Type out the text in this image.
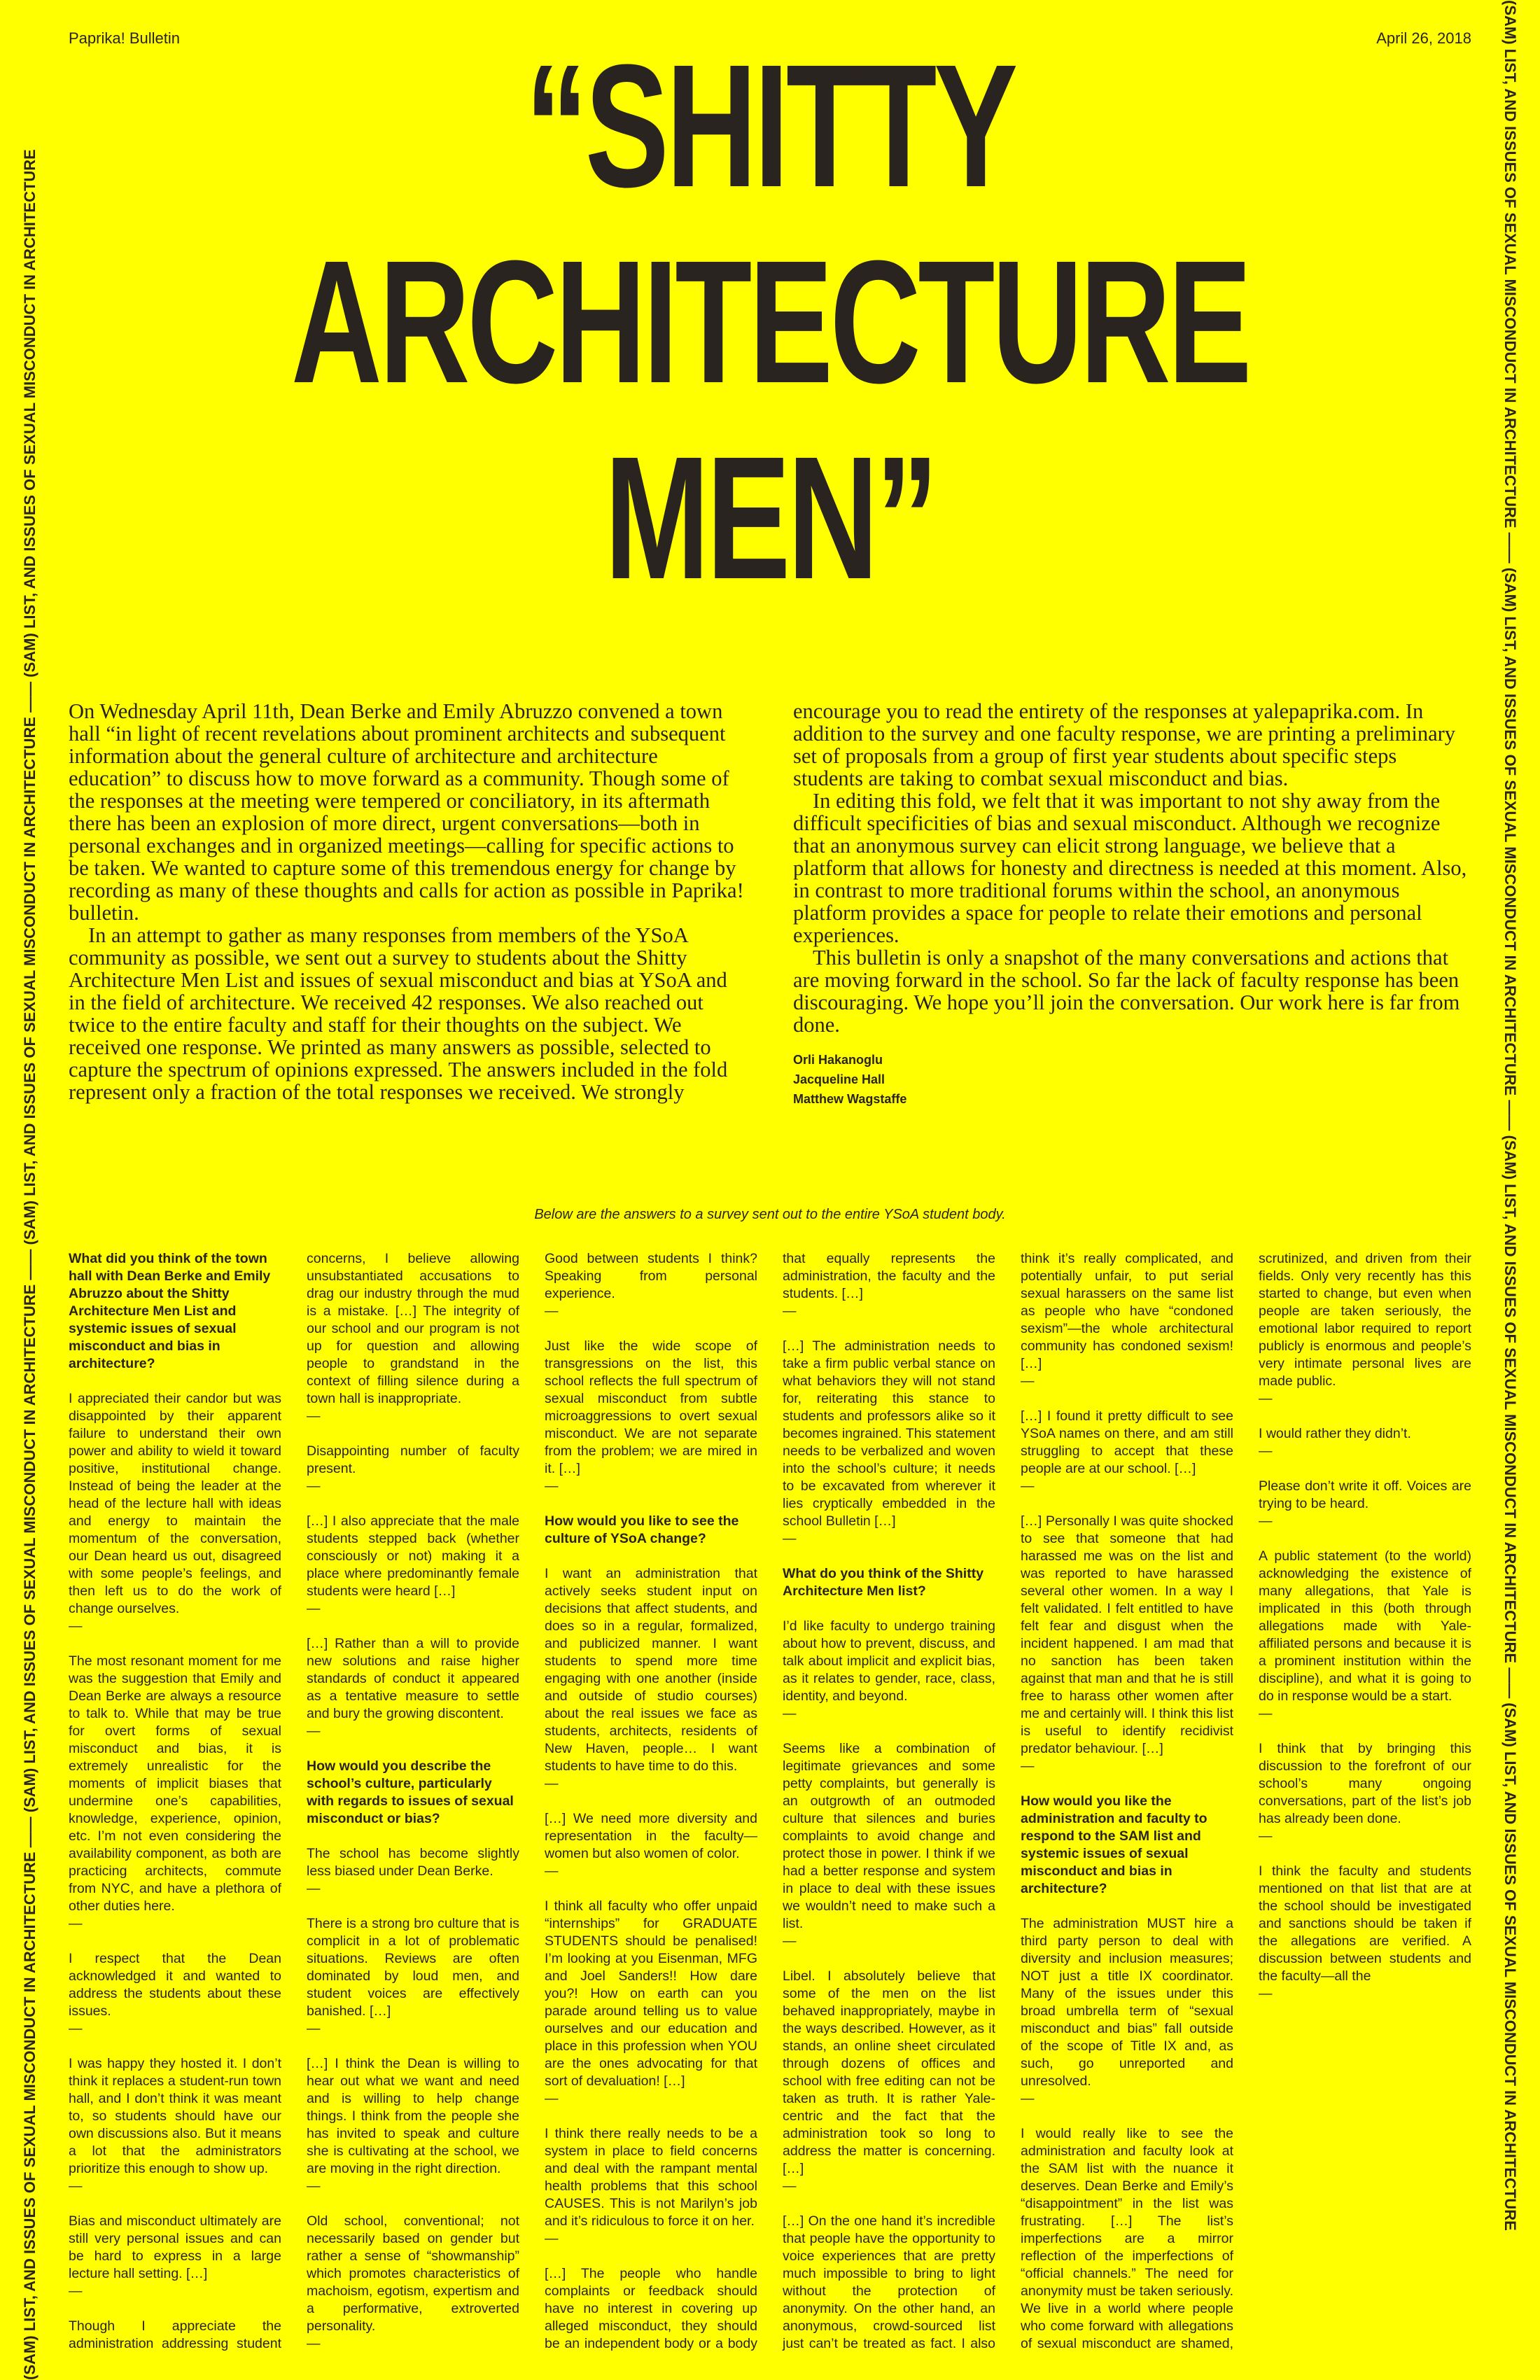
Paprika! Bulletin	April 26, 2018
(SAM) LIST, AND ISSUES OF SEXUAL MISCONDUCT IN ARCHITECTURE —— (SAM) LIST, AND ISSUES OF SEXUAL MISCONDUCT IN ARCHITECTURE —— (SAM) LIST, AND ISSUES OF SEXUAL MISCONDUCT IN ARCHITECTURE —— (SAM) LIST, AND ISSUES OF SEXUAL MISCONDUCT IN ARCHITECTURE	(SAM) LIST, AND ISSUES OF SEXUAL MISCONDUCT IN ARCHITECTURE —— (SAM) LIST, AND ISSUES OF SEXUAL MISCONDUCT IN ARCHITECTURE —— (SAM) LIST, AND ISSUES OF SEXUAL MISCONDUCT IN ARCHITECTURE —— (SAM) LIST, AND ISSUES OF SEXUAL MISCONDUCT IN ARCHITECTURE
“SHITTY
ARCHITECTURE
MEN”

On Wednesday April 11th, Dean Berke and Emily Abruzzo convened a town hall “in light of recent revelations about prominent architects and subsequent information about the general culture of architecture and architecture education” to discuss how to move forward as a community. Though some of the responses at the meeting were tempered or conciliatory, in its aftermath there has been an explosion of more direct, urgent conversations—both in personal exchanges and in organized meetings—calling for specific actions to be taken. We wanted to capture some of this tremendous energy for change by recording as many of these thoughts and calls for action as possible in Paprika! bulletin.

In an attempt to gather as many responses from members of the YSoA community as possible, we sent out a survey to students about the Shitty Architecture Men List and issues of sexual misconduct and bias at YSoA and in the field of architecture. We received 42 responses. We also reached out twice to the entire faculty and staff for their thoughts on the subject. We received one response. We printed as many answers as possible, selected to capture the spectrum of opinions expressed. The answers included in the fold represent only a fraction of the total responses we received. We strongly encourage you to read the entirety of the responses at yalepaprika.com. In addition to the survey and one faculty response, we are printing a preliminary set of proposals from a group of first year students about specific steps students are taking to combat sexual misconduct and bias.

In editing this fold, we felt that it was important to not shy away from the difficult specificities of bias and sexual misconduct. Although we recognize that an anonymous survey can elicit strong language, we believe that a platform that allows for honesty and directness is needed at this moment. Also, in contrast to more traditional forums within the school, an anonymous platform provides a space for people to relate their emotions and personal experiences.

This bulletin is only a snapshot of the many conversations and actions that are moving forward in the school. So far the lack of faculty response has been discouraging. We hope you’ll join the conversation. Our work here is far from done.

Orli Hakanoglu
Jacqueline Hall
Matthew Wagstaffe
Below are the answers to a survey sent out to the entire YSoA student body.

What did you think of the town hall with Dean Berke and Emily Abruzzo about the Shitty Architecture Men List and systemic issues of sexual misconduct and bias in architecture?

I appreciated their candor but was disappointed by their apparent failure to understand their own power and ability to wield it toward positive, institutional change. Instead of being the leader at the head of the lecture hall with ideas and energy to maintain the momentum of the conversation, our Dean heard us out, disagreed with some people’s feelings, and then left us to do the work of change ourselves.

—

The most resonant moment for me was the suggestion that Emily and Dean Berke are always a resource to talk to. While that may be true for overt forms of sexual misconduct and bias, it is extremely unrealistic for the moments of implicit biases that undermine one’s capabilities, knowledge, experience, opinion, etc. I’m not even considering the availability component, as both are practicing architects, commute from NYC, and have a plethora of other duties here.

—

I respect that the Dean acknowledged it and wanted to address the students about these issues.

—

I was happy they hosted it. I don’t think it replaces a student-run town hall, and I don’t think it was meant to, so students should have our own discussions also. But it means a lot that the administrators prioritize this enough to show up.

—

Bias and misconduct ultimately are still very personal issues and can be hard to express in a large lecture hall setting. […]

—

Though I appreciate the administration addressing student concerns, I believe allowing unsubstantiated accusations to drag our industry through the mud is a mistake. […] The integrity of our school and our program is not up for question and allowing people to grandstand in the context of filling silence during a town hall is inappropriate.

—

Disappointing number of faculty present.

—

[…] I also appreciate that the male students stepped back (whether consciously or not) making it a place where predominantly female students were heard […]

—

[…] Rather than a will to provide new solutions and raise higher standards of conduct it appeared as a tentative measure to settle and bury the growing discontent.

—

How would you describe the school’s culture, particularly with regards to issues of sexual misconduct or bias?

The school has become slightly less biased under Dean Berke.

—

There is a strong bro culture that is complicit in a lot of problematic situations. Reviews are often dominated by loud men, and student voices are effectively banished. […]

—

[…] I think the Dean is willing to hear out what we want and need and is willing to help change things. I think from the people she has invited to speak and culture she is cultivating at the school, we are moving in the right direction.

—

Old school, conventional; not necessarily based on gender but rather a sense of “showmanship” which promotes characteristics of machoism, egotism, expertism and a performative, extroverted personality.

—

Good between students I think? Speaking from personal experience.

—

Just like the wide scope of transgressions on the list, this school reflects the full spectrum of sexual misconduct from subtle microaggressions to overt sexual misconduct. We are not separate from the problem; we are mired in it. […]

—

How would you like to see the culture of YSoA change?

I want an administration that actively seeks student input on decisions that affect students, and does so in a regular, formalized, and publicized manner. I want students to spend more time engaging with one another (inside and outside of studio courses) about the real issues we face as students, architects, residents of New Haven, people… I want students to have time to do this.

—

[…] We need more diversity and representation in the faculty—women but also women of color.

—

I think all faculty who offer unpaid “internships” for GRADUATE STUDENTS should be penalised! I’m looking at you Eisenman, MFG and Joel Sanders!! How dare you?! How on earth can you parade around telling us to value ourselves and our education and place in this profession when YOU are the ones advocating for that sort of devaluation! […]

—

I think there really needs to be a system in place to field concerns and deal with the rampant mental health problems that this school CAUSES. This is not Marilyn’s job and it’s ridiculous to force it on her.

—

[…] The people who handle complaints or feedback should have no interest in covering up alleged misconduct, they should be an independent body or a body that equally represents the administration, the faculty and the students. […]

—

[…] The administration needs to take a firm public verbal stance on what behaviors they will not stand for, reiterating this stance to students and professors alike so it becomes ingrained. This statement needs to be verbalized and woven into the school’s culture; it needs to be excavated from wherever it lies cryptically embedded in the school Bulletin […]

—

What do you think of the Shitty Architecture Men list?

I’d like faculty to undergo training about how to prevent, discuss, and talk about implicit and explicit bias, as it relates to gender, race, class, identity, and beyond.

—

Seems like a combination of legitimate grievances and some petty complaints, but generally is an outgrowth of an outmoded culture that silences and buries complaints to avoid change and protect those in power. I think if we had a better response and system in place to deal with these issues we wouldn’t need to make such a list.

—

Libel. I absolutely believe that some of the men on the list behaved inappropriately, maybe in the ways described. However, as it stands, an online sheet circulated through dozens of offices and school with free editing can not be taken as truth. It is rather Yale-centric and the fact that the administration took so long to address the matter is concerning. […]

—

[…] On the one hand it’s incredible that people have the opportunity to voice experiences that are pretty much impossible to bring to light without the protection of anonymity. On the other hand, an anonymous, crowd-sourced list just can’t be treated as fact. I also think it’s really complicated, and potentially unfair, to put serial sexual harassers on the same list as people who have “condoned sexism”—the whole architectural community has condoned sexism! […]

—

[…] I found it pretty difficult to see YSoA names on there, and am still struggling to accept that these people are at our school. […]

—

[…] Personally I was quite shocked to see that someone that had harassed me was on the list and was reported to have harassed several other women. In a way I felt validated. I felt entitled to have felt fear and disgust when the incident happened. I am mad that no sanction has been taken against that man and that he is still free to harass other women after me and certainly will. I think this list is useful to identify recidivist predator behaviour. […]

—

How would you like the administration and faculty to respond to the SAM list and systemic issues of sexual misconduct and bias in architecture?

The administration MUST hire a third party person to deal with diversity and inclusion measures; NOT just a title IX coordinator. Many of the issues under this broad umbrella term of “sexual misconduct and bias” fall outside of the scope of Title IX and, as such, go unreported and unresolved.

—

I would really like to see the administration and faculty look at the SAM list with the nuance it deserves. Dean Berke and Emily’s “disappointment” in the list was frustrating. […] The list’s imperfections are a mirror reflection of the imperfections of “official channels.” The need for anonymity must be taken seriously. We live in a world where people who come forward with allegations of sexual misconduct are shamed, scrutinized, and driven from their fields. Only very recently has this started to change, but even when people are taken seriously, the emotional labor required to report publicly is enormous and people’s very intimate personal lives are made public.

—

I would rather they didn’t.

—

Please don’t write it off. Voices are trying to be heard.

—

A public statement (to the world) acknowledging the existence of many allegations, that Yale is implicated in this (both through allegations made with Yale-affiliated persons and because it is a prominent institution within the discipline), and what it is going to do in response would be a start.

—

I think that by bringing this discussion to the forefront of our school’s many ongoing conversations, part of the list’s job has already been done.

—

I think the faculty and students mentioned on that list that are at the school should be investigated and sanctions should be taken if the allegations are verified. A discussion between students and the faculty—all the

—
